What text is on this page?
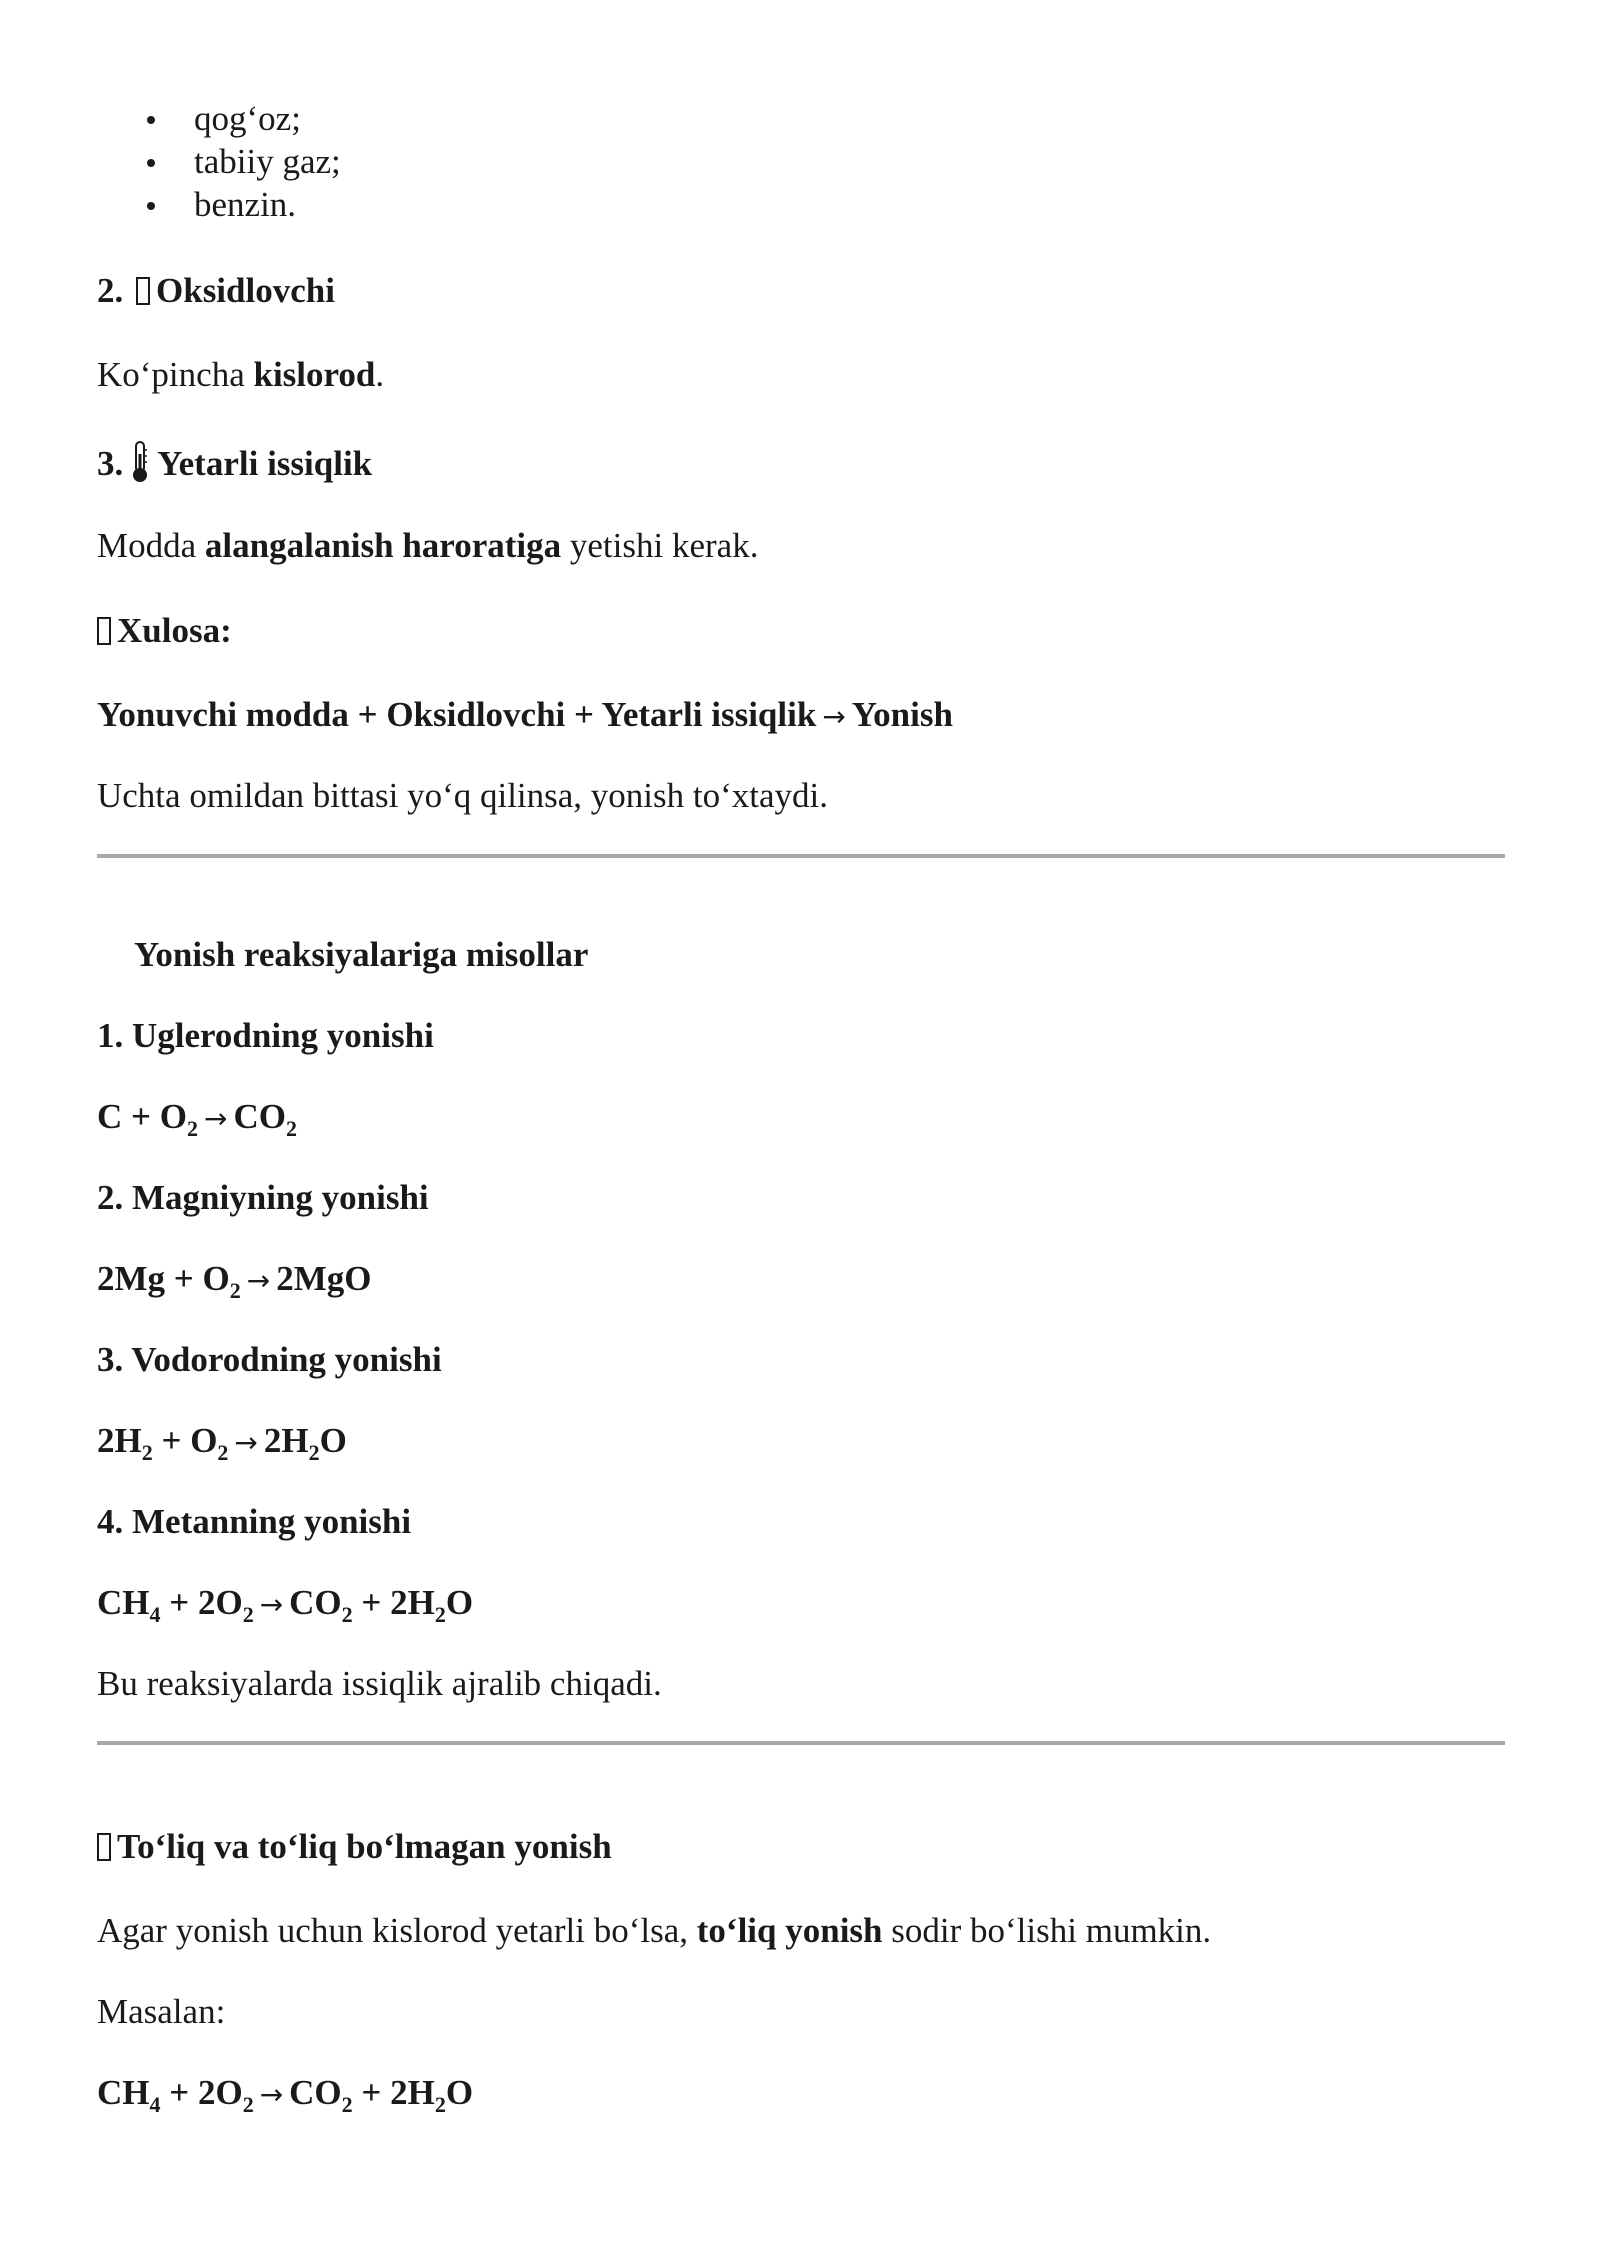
qog‘oz;
tabiiy gaz;
benzin.
2. Oksidlovchi
Ko‘pincha kislorod.
3. Yetarli issiqlik
Modda alangalanish haroratiga yetishi kerak.
Xulosa:
Yonuvchi modda + Oksidlovchi + Yetarli issiqlik → Yonish
Uchta omildan bittasi yo‘q qilinsa, yonish to‘xtaydi.
Yonish reaksiyalariga misollar
1. Uglerodning yonishi
$C + O_2 \to CO_2$
2. Magniyning yonishi
$2Mg + O_2 \to 2MgO$
3. Vodorodning yonishi
$2H_2 + O_2 \to 2H_2O$
4. Metanning yonishi
$CH_4 + 2O_2 \to CO_2 + 2H_2O$
Bu reaksiyalarda issiqlik ajralib chiqadi.
To‘liq va to‘liq bo‘lmagan yonish
Agar yonish uchun kislorod yetarli bo‘lsa, to‘liq yonish sodir bo‘lishi mumkin.
Masalan:
$CH_4 + 2O_2 \to CO_2 + 2H_2O$
